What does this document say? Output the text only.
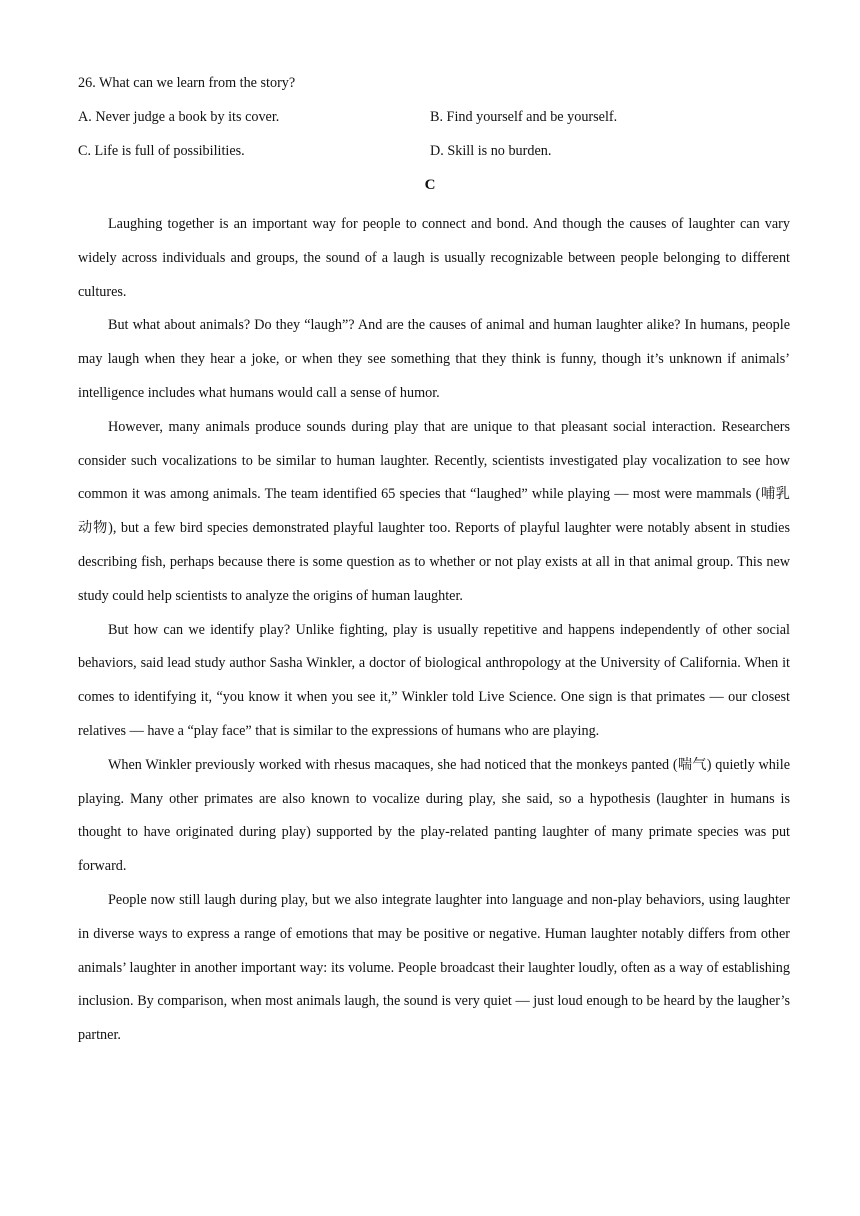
26. What can we learn from the story?
A. Never judge a book by its cover.	B. Find yourself and be yourself.
C. Life is full of possibilities.	D. Skill is no burden.
C

Laughing together is an important way for people to connect and bond. And though the causes of laughter can vary widely across individuals and groups, the sound of a laugh is usually recognizable between people belonging to different cultures.

But what about animals? Do they “laugh”? And are the causes of animal and human laughter alike? In humans, people may laugh when they hear a joke, or when they see something that they think is funny, though it’s unknown if animals’ intelligence includes what humans would call a sense of humor.

However, many animals produce sounds during play that are unique to that pleasant social interaction. Researchers consider such vocalizations to be similar to human laughter. Recently, scientists investigated play vocalization to see how common it was among animals. The team identified 65 species that “laughed” while playing — most were mammals (哺乳动物), but a few bird species demonstrated playful laughter too. Reports of playful laughter were notably absent in studies describing fish, perhaps because there is some question as to whether or not play exists at all in that animal group. This new study could help scientists to analyze the origins of human laughter.

But how can we identify play? Unlike fighting, play is usually repetitive and happens independently of other social behaviors, said lead study author Sasha Winkler, a doctor of biological anthropology at the University of California. When it comes to identifying it, “you know it when you see it,” Winkler told Live Science. One sign is that primates — our closest relatives — have a “play face” that is similar to the expressions of humans who are playing.

When Winkler previously worked with rhesus macaques, she had noticed that the monkeys panted (喘气) quietly while playing. Many other primates are also known to vocalize during play, she said, so a hypothesis (laughter in humans is thought to have originated during play) supported by the play-related panting laughter of many primate species was put forward.

People now still laugh during play, but we also integrate laughter into language and non-play behaviors, using laughter in diverse ways to express a range of emotions that may be positive or negative. Human laughter notably differs from other animals’ laughter in another important way: its volume. People broadcast their laughter loudly, often as a way of establishing inclusion. By comparison, when most animals laugh, the sound is very quiet — just loud enough to be heard by the laugher’s partner.
